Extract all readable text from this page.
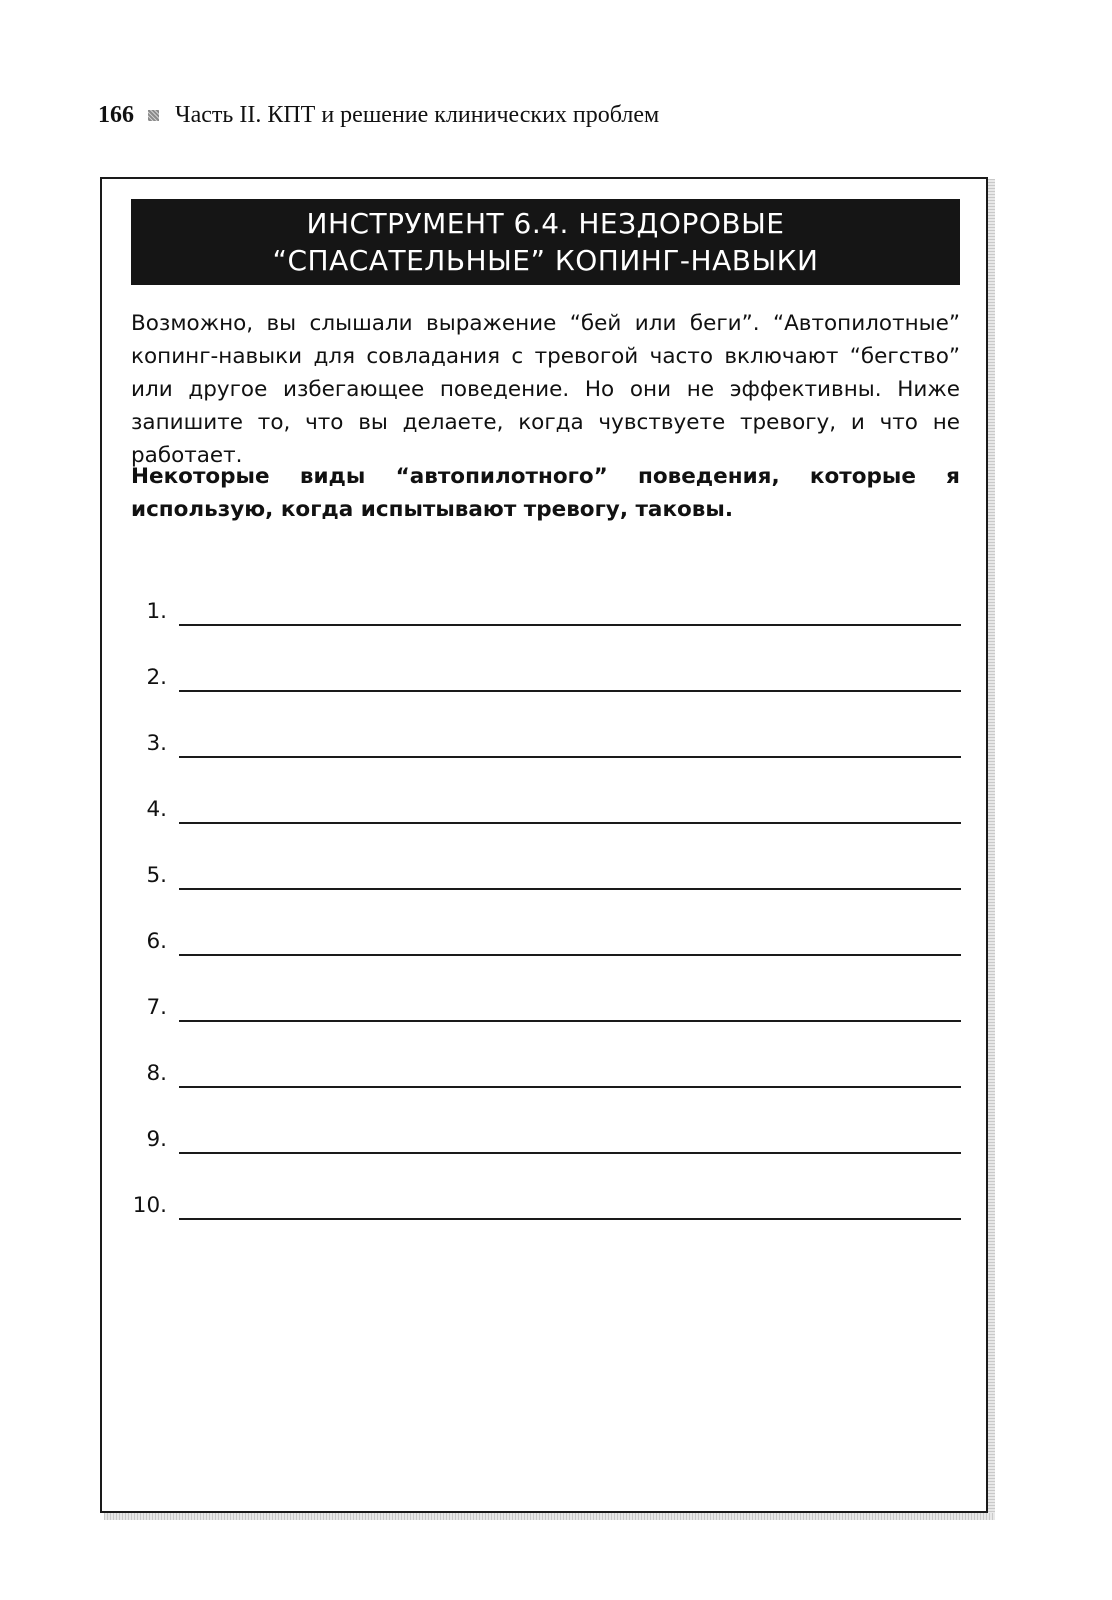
166 Часть II. КПТ и решение клинических проблем
ИНСТРУМЕНТ 6.4. НЕЗДОРОВЫЕ
“СПАСАТЕЛЬНЫЕ” КОПИНГ-НАВЫКИ

Возможно, вы слышали выражение “бей или беги”. “Автопилотные” копинг-навыки для совладания с тревогой часто включают “бегство” или другое избегающее поведение. Но они не эффективны. Ниже запишите то, что вы делаете, когда чувствуете тревогу, и что не работает.

Некоторые виды “автопилотного” поведения, которые я использую, когда испытывают тревогу, таковы.

1.
2.
3.
4.
5.
6.
7.
8.
9.
10.
